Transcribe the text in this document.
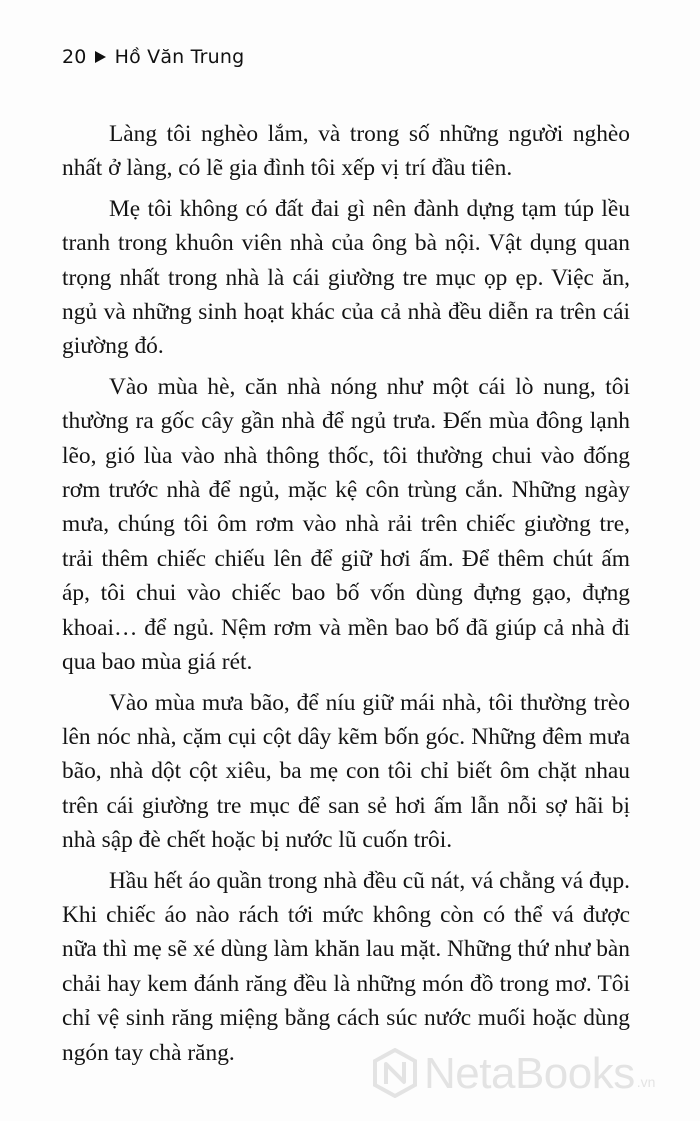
20 Hồ Văn Trung

Làng tôi nghèo lắm, và trong số những người nghèo nhất ở làng, có lẽ gia đình tôi xếp vị trí đầu tiên.

Mẹ tôi không có đất đai gì nên đành dựng tạm túp lều tranh trong khuôn viên nhà của ông bà nội. Vật dụng quan trọng nhất trong nhà là cái giường tre mục ọp ẹp. Việc ăn, ngủ và những sinh hoạt khác của cả nhà đều diễn ra trên cái giường đó.

Vào mùa hè, căn nhà nóng như một cái lò nung, tôi thường ra gốc cây gần nhà để ngủ trưa. Đến mùa đông lạnh lẽo, gió lùa vào nhà thông thốc, tôi thường chui vào đống rơm trước nhà để ngủ, mặc kệ côn trùng cắn. Những ngày mưa, chúng tôi ôm rơm vào nhà rải trên chiếc giường tre, trải thêm chiếc chiếu lên để giữ hơi ấm. Để thêm chút ấm áp, tôi chui vào chiếc bao bố vốn dùng đựng gạo, đựng khoai… để ngủ. Nệm rơm và mền bao bố đã giúp cả nhà đi qua bao mùa giá rét.

Vào mùa mưa bão, để níu giữ mái nhà, tôi thường trèo lên nóc nhà, cặm cụi cột dây kẽm bốn góc. Những đêm mưa bão, nhà dột cột xiêu, ba mẹ con tôi chỉ biết ôm chặt nhau trên cái giường tre mục để san sẻ hơi ấm lẫn nỗi sợ hãi bị nhà sập đè chết hoặc bị nước lũ cuốn trôi.

Hầu hết áo quần trong nhà đều cũ nát, vá chằng vá đụp. Khi chiếc áo nào rách tới mức không còn có thể vá được nữa thì mẹ sẽ xé dùng làm khăn lau mặt. Những thứ như bàn chải hay kem đánh răng đều là những món đồ trong mơ. Tôi chỉ vệ sinh răng miệng bằng cách súc nước muối hoặc dùng ngón tay chà răng.	NetaBooks .vn
